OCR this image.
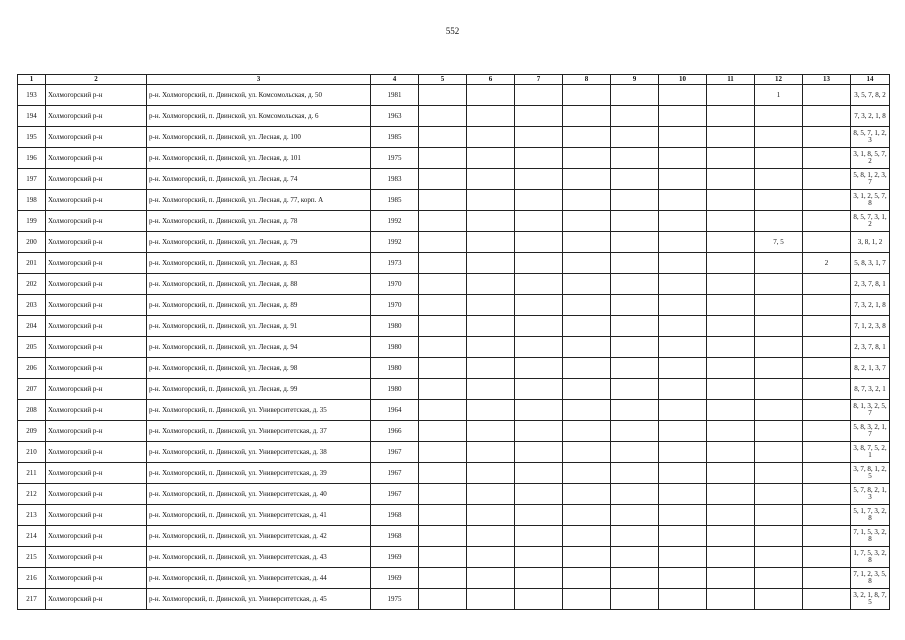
552
1	2	3	4	5	6	7	8	9	10	11	12	13	14
193	Холмогорский р-н	р-н. Холмогорский, п. Двинской, ул. Комсомольская, д. 50	1981								1		3, 5, 7, 8, 2
194	Холмогорский р-н	р-н. Холмогорский, п. Двинской, ул. Комсомольская, д. 6	1963										7, 3, 2, 1, 8
195	Холмогорский р-н	р-н. Холмогорский, п. Двинской, ул. Лесная, д. 100	1985										8, 5, 7, 1, 2, 3
196	Холмогорский р-н	р-н. Холмогорский, п. Двинской, ул. Лесная, д. 101	1975										3, 1, 8, 5, 7, 2
197	Холмогорский р-н	р-н. Холмогорский, п. Двинской, ул. Лесная, д. 74	1983										5, 8, 1, 2, 3, 7
198	Холмогорский р-н	р-н. Холмогорский, п. Двинской, ул. Лесная, д. 77, корп. А	1985										3, 1, 2, 5, 7, 8
199	Холмогорский р-н	р-н. Холмогорский, п. Двинской, ул. Лесная, д. 78	1992										8, 5, 7, 3, 1, 2
200	Холмогорский р-н	р-н. Холмогорский, п. Двинской, ул. Лесная, д. 79	1992								7, 5		3, 8, 1, 2
201	Холмогорский р-н	р-н. Холмогорский, п. Двинской, ул. Лесная, д. 83	1973									2	5, 8, 3, 1, 7
202	Холмогорский р-н	р-н. Холмогорский, п. Двинской, ул. Лесная, д. 88	1970										2, 3, 7, 8, 1
203	Холмогорский р-н	р-н. Холмогорский, п. Двинской, ул. Лесная, д. 89	1970										7, 3, 2, 1, 8
204	Холмогорский р-н	р-н. Холмогорский, п. Двинской, ул. Лесная, д. 91	1980										7, 1, 2, 3, 8
205	Холмогорский р-н	р-н. Холмогорский, п. Двинской, ул. Лесная, д. 94	1980										2, 3, 7, 8, 1
206	Холмогорский р-н	р-н. Холмогорский, п. Двинской, ул. Лесная, д. 98	1980										8, 2, 1, 3, 7
207	Холмогорский р-н	р-н. Холмогорский, п. Двинской, ул. Лесная, д. 99	1980										8, 7, 3, 2, 1
208	Холмогорский р-н	р-н. Холмогорский, п. Двинской, ул. Университетская, д. 35	1964										8, 1, 3, 2, 5, 7
209	Холмогорский р-н	р-н. Холмогорский, п. Двинской, ул. Университетская, д. 37	1966										5, 8, 3, 2, 1, 7
210	Холмогорский р-н	р-н. Холмогорский, п. Двинской, ул. Университетская, д. 38	1967										3, 8, 7, 5, 2, 1
211	Холмогорский р-н	р-н. Холмогорский, п. Двинской, ул. Университетская, д. 39	1967										3, 7, 8, 1, 2, 5
212	Холмогорский р-н	р-н. Холмогорский, п. Двинской, ул. Университетская, д. 40	1967										5, 7, 8, 2, 1, 3
213	Холмогорский р-н	р-н. Холмогорский, п. Двинской, ул. Университетская, д. 41	1968										5, 1, 7, 3, 2, 8
214	Холмогорский р-н	р-н. Холмогорский, п. Двинской, ул. Университетская, д. 42	1968										7, 1, 5, 3, 2, 8
215	Холмогорский р-н	р-н. Холмогорский, п. Двинской, ул. Университетская, д. 43	1969										1, 7, 5, 3, 2, 8
216	Холмогорский р-н	р-н. Холмогорский, п. Двинской, ул. Университетская, д. 44	1969										7, 1, 2, 3, 5, 8
217	Холмогорский р-н	р-н. Холмогорский, п. Двинской, ул. Университетская, д. 45	1975										3, 2, 1, 8, 7, 5
